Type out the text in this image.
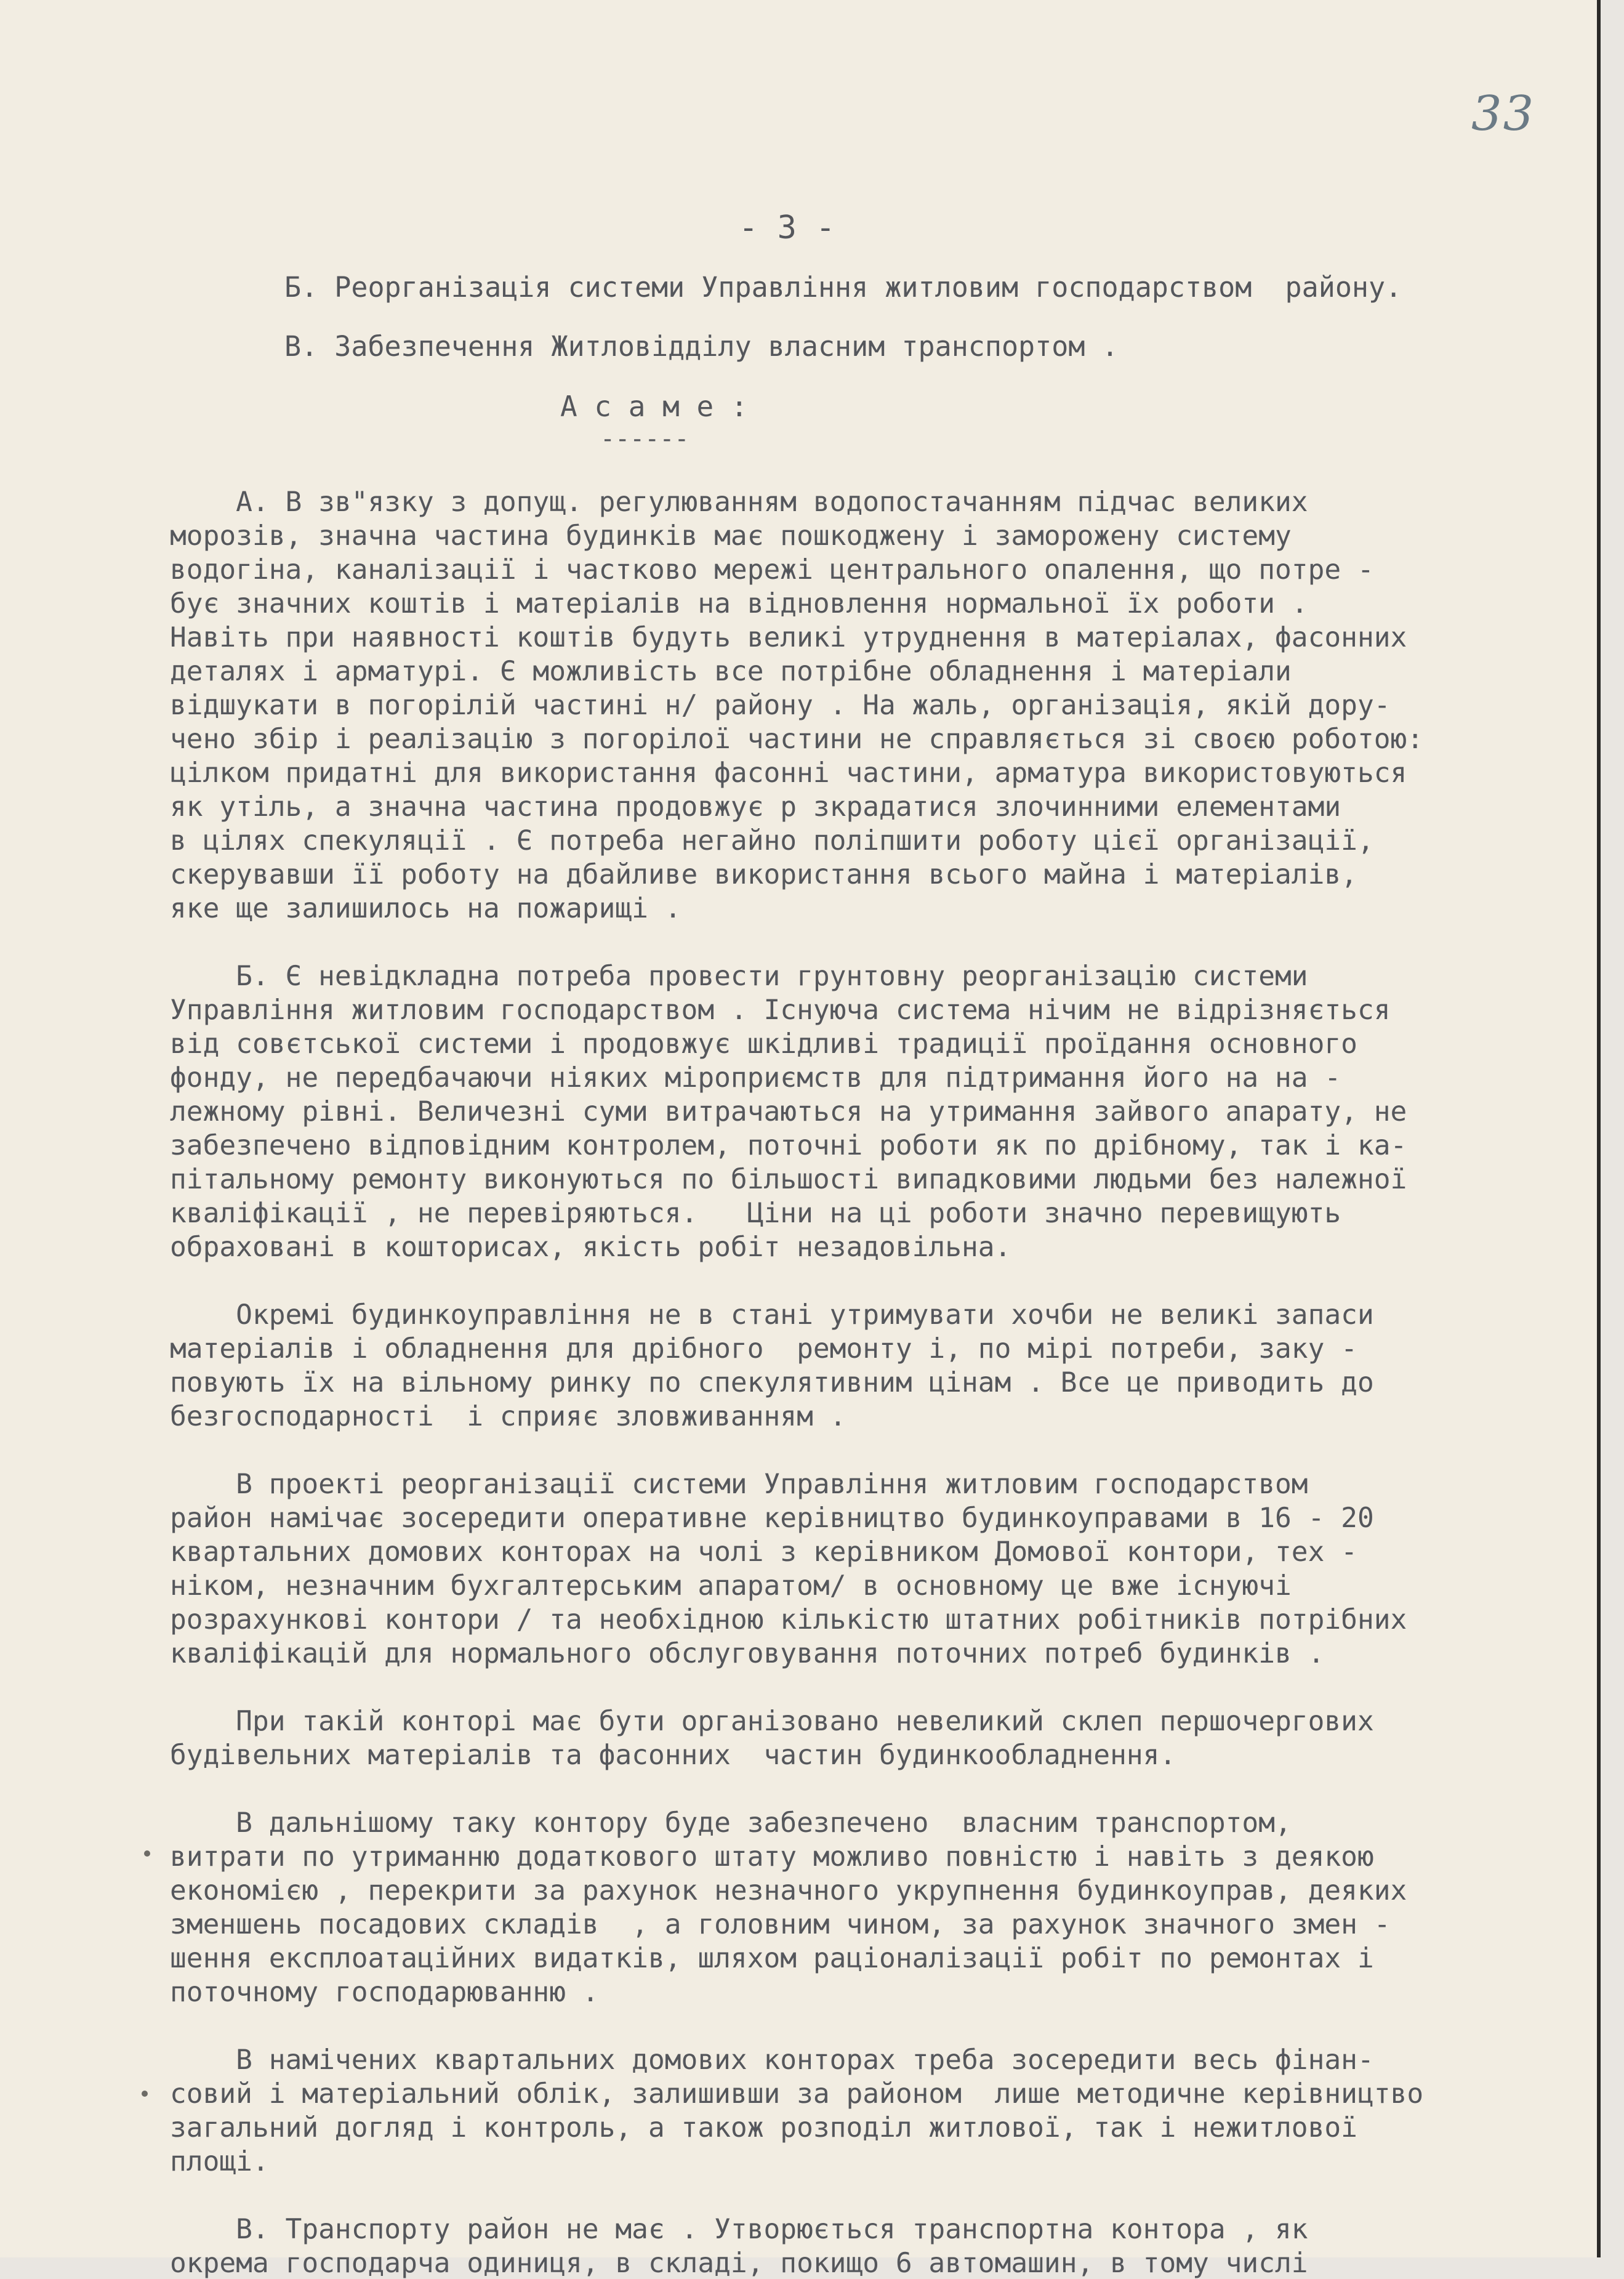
33
- 3 -
Б. Реорганізація системи Управління житловим господарством  району.
В. Забезпечення Житловідділу власним транспортом .
А с а м е :
------
А. В зв"язку з допущ. регулюванням водопостачанням підчас великих
морозів, значна частина будинків має пошкоджену і заморожену систему
водогіна, каналізації і частково мережі центрального опалення, що потре -
бує значних коштів і матеріалів на відновлення нормальної їх роботи .
Навіть при наявності коштів будуть великі утруднення в матеріалах, фасонних
деталях і арматурі. Є можливість все потрібне обладнення і матеріали
відшукати в погорілій частині н/ району . На жаль, організація, якій дору-
чено збір і реалізацію з погорілої частини не справляється зі своєю роботою:
цілком придатні для використання фасонні частини, арматура використовуються
як утіль, а значна частина продовжує р зкрадатися злочинними елементами
в цілях спекуляції . Є потреба негайно поліпшити роботу цієї організації,
скерувавши її роботу на дбайливе використання всього майна і матеріалів,
яке ще залишилось на пожарищі .
Б. Є невідкладна потреба провести грунтовну реорганізацію системи
Управління житловим господарством . Існуюча система нічим не відрізняється
від совєтської системи і продовжує шкідливі традиції проїдання основного
фонду, не передбачаючи ніяких міроприємств для підтримання його на на -
лежному рівні. Величезні суми витрачаються на утримання зайвого апарату, не
забезпечено відповідним контролем, поточні роботи як по дрібному, так і ка-
пітальному ремонту виконуються по більшості випадковими людьми без належної
кваліфікації , не перевіряються.   Ціни на ці роботи значно перевищують
обраховані в кошторисах, якість робіт незадовільна.
Окремі будинкоуправління не в стані утримувати хочби не великі запаси
матеріалів і обладнення для дрібного  ремонту і, по мірі потреби, заку -
повують їх на вільному ринку по спекулятивним цінам . Все це приводить до
безгосподарності  і сприяє зловживанням .
В проекті реорганізації системи Управління житловим господарством
район намічає зосередити оперативне керівництво будинкоуправами в 16 - 20
квартальних домових конторах на чолі з керівником Домової контори, тех -
ніком, незначним бухгалтерським апаратом/ в основному це вже існуючі
розрахункові контори / та необхідною кількістю штатних робітників потрібних
кваліфікацій для нормального обслуговування поточних потреб будинків .
При такій конторі має бути організовано невеликий склеп першочергових
будівельних матеріалів та фасонних  частин будинкообладнення.
В дальнішому таку контору буде забезпечено  власним транспортом,
витрати по утриманню додаткового штату можливо повністю і навіть з деякою
економією , перекрити за рахунок незначного укрупнення будинкоуправ, деяких
зменшень посадових складів  , а головним чином, за рахунок значного змен -
шення експлоатаційних видатків, шляхом раціоналізації робіт по ремонтах і
поточному господарюванню .
В намічених квартальних домових конторах треба зосередити весь фінан-
совий і матеріальний облік, залишивши за районом  лише методичне керівництво
загальний догляд і контроль, а також розподіл житлової, так і нежитлової
площі.
В. Транспорту район не має . Утворюється транспортна контора , як
окрема господарча одиниця, в складі, покищо 6 автомашин, в тому числі
